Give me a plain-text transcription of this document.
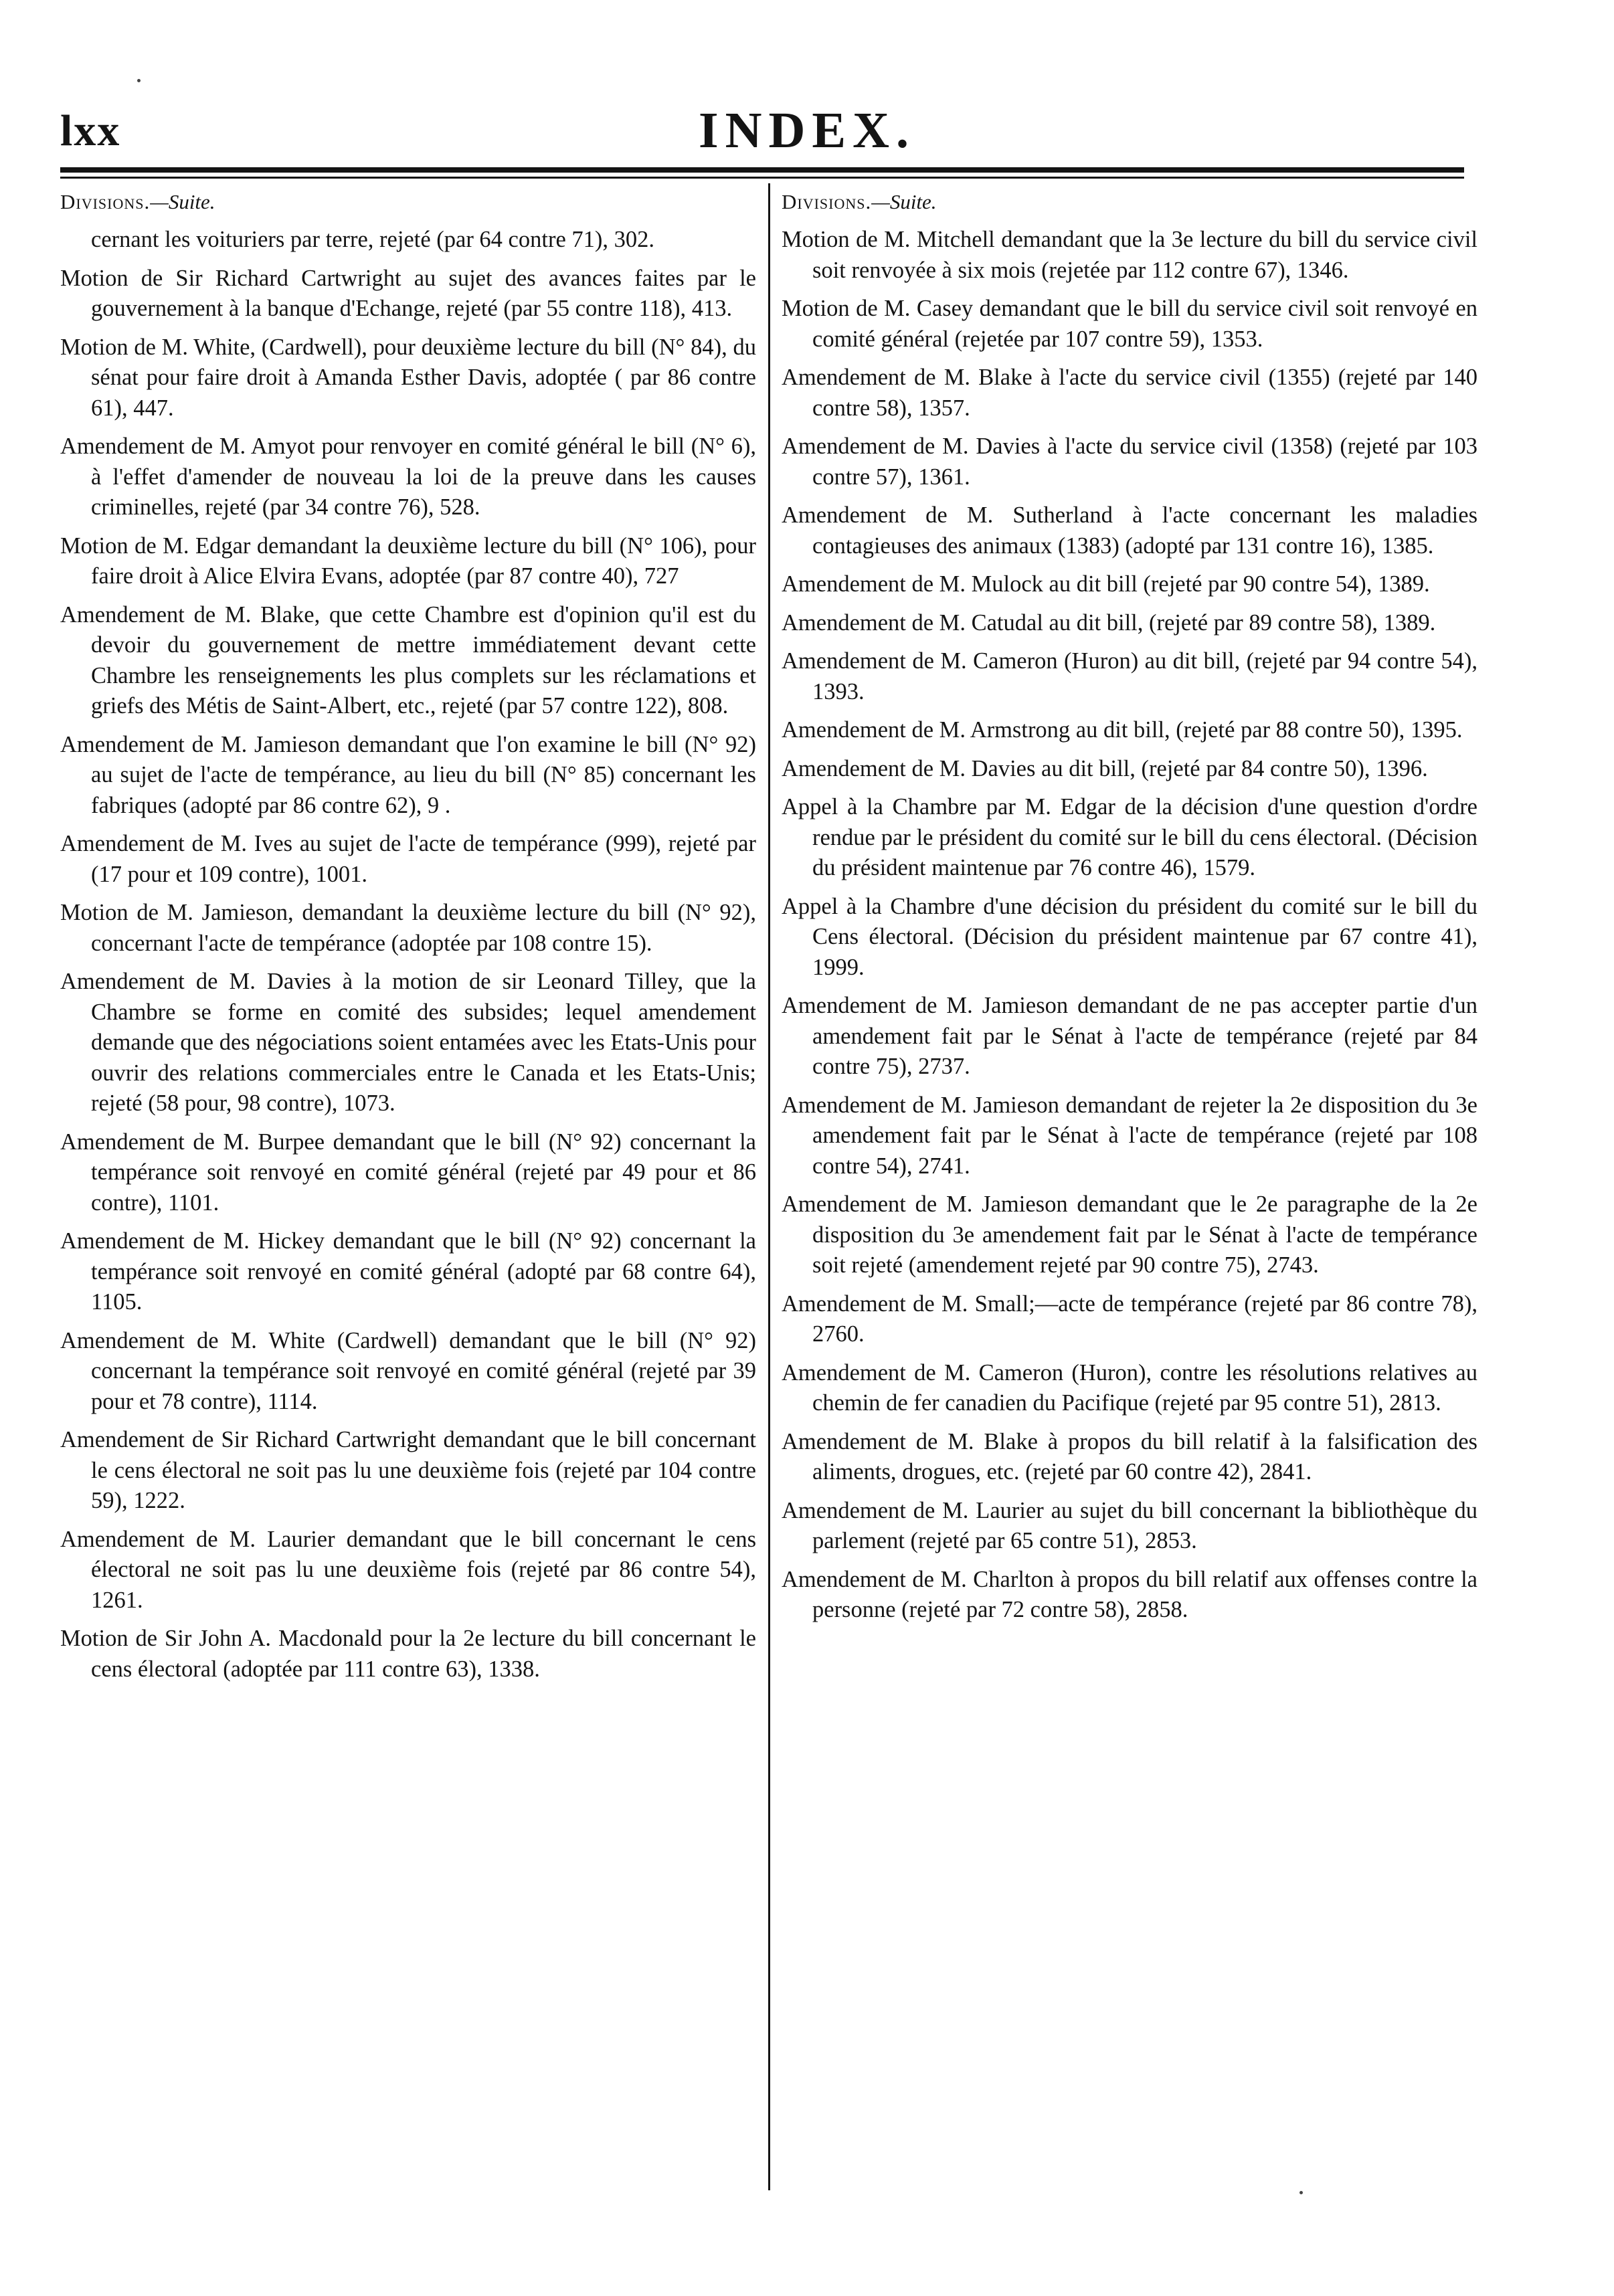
lxx	INDEX.
Divisions.—Suite.

cernant les voituriers par terre, rejeté (par 64 contre 71), 302.

Motion de Sir Richard Cartwright au sujet des avances faites par le gouvernement à la banque d'Echange, rejeté (par 55 contre 118), 413.

Motion de M. White, (Cardwell), pour deuxième lecture du bill (N° 84), du sénat pour faire droit à Amanda Esther Davis, adoptée ( par 86 contre 61), 447.

Amendement de M. Amyot pour renvoyer en comité général le bill (N° 6), à l'effet d'amender de nouveau la loi de la preuve dans les causes criminelles, rejeté (par 34 contre 76), 528.

Motion de M. Edgar demandant la deuxième lecture du bill (N° 106), pour faire droit à Alice Elvira Evans, adoptée (par 87 contre 40), 727

Amendement de M. Blake, que cette Chambre est d'opinion qu'il est du devoir du gouvernement de mettre immédiatement devant cette Chambre les renseignements les plus complets sur les réclamations et griefs des Métis de Saint-Albert, etc., rejeté (par 57 contre 122), 808.

Amendement de M. Jamieson demandant que l'on examine le bill (N° 92) au sujet de l'acte de tempérance, au lieu du bill (N° 85) concernant les fabriques (adopté par 86 contre 62), 9 .

Amendement de M. Ives au sujet de l'acte de tempérance (999), rejeté par (17 pour et 109 contre), 1001.

Motion de M. Jamieson, demandant la deuxième lecture du bill (N° 92), concernant l'acte de tempérance (adoptée par 108 contre 15).

Amendement de M. Davies à la motion de sir Leonard Tilley, que la Chambre se forme en comité des subsides; lequel amendement demande que des négociations soient entamées avec les Etats-Unis pour ouvrir des relations commerciales entre le Canada et les Etats-Unis; rejeté (58 pour, 98 contre), 1073.

Amendement de M. Burpee demandant que le bill (N° 92) concernant la tempérance soit renvoyé en comité général (rejeté par 49 pour et 86 contre), 1101.

Amendement de M. Hickey demandant que le bill (N° 92) concernant la tempérance soit renvoyé en comité général (adopté par 68 contre 64), 1105.

Amendement de M. White (Cardwell) demandant que le bill (N° 92) concernant la tempérance soit renvoyé en comité général (rejeté par 39 pour et 78 contre), 1114.

Amendement de Sir Richard Cartwright demandant que le bill concernant le cens électoral ne soit pas lu une deuxième fois (rejeté par 104 contre 59), 1222.

Amendement de M. Laurier demandant que le bill concernant le cens électoral ne soit pas lu une deuxième fois (rejeté par 86 contre 54), 1261.

Motion de Sir John A. Macdonald pour la 2e lecture du bill concernant le cens électoral (adoptée par 111 contre 63), 1338.

Divisions.—Suite.

Motion de M. Mitchell demandant que la 3e lecture du bill du service civil soit renvoyée à six mois (rejetée par 112 contre 67), 1346.

Motion de M. Casey demandant que le bill du service civil soit renvoyé en comité général (rejetée par 107 contre 59), 1353.

Amendement de M. Blake à l'acte du service civil (1355) (rejeté par 140 contre 58), 1357.

Amendement de M. Davies à l'acte du service civil (1358) (rejeté par 103 contre 57), 1361.

Amendement de M. Sutherland à l'acte concernant les maladies contagieuses des animaux (1383) (adopté par 131 contre 16), 1385.

Amendement de M. Mulock au dit bill (rejeté par 90 contre 54), 1389.

Amendement de M. Catudal au dit bill, (rejeté par 89 contre 58), 1389.

Amendement de M. Cameron (Huron) au dit bill, (rejeté par 94 contre 54), 1393.

Amendement de M. Armstrong au dit bill, (rejeté par 88 contre 50), 1395.

Amendement de M. Davies au dit bill, (rejeté par 84 contre 50), 1396.

Appel à la Chambre par M. Edgar de la décision d'une question d'ordre rendue par le président du comité sur le bill du cens électoral. (Décision du président maintenue par 76 contre 46), 1579.

Appel à la Chambre d'une décision du président du comité sur le bill du Cens électoral. (Décision du président maintenue par 67 contre 41), 1999.

Amendement de M. Jamieson demandant de ne pas accepter partie d'un amendement fait par le Sénat à l'acte de tempérance (rejeté par 84 contre 75), 2737.

Amendement de M. Jamieson demandant de rejeter la 2e disposition du 3e amendement fait par le Sénat à l'acte de tempérance (rejeté par 108 contre 54), 2741.

Amendement de M. Jamieson demandant que le 2e paragraphe de la 2e disposition du 3e amendement fait par le Sénat à l'acte de tempérance soit rejeté (amendement rejeté par 90 contre 75), 2743.

Amendement de M. Small;—acte de tempérance (rejeté par 86 contre 78), 2760.

Amendement de M. Cameron (Huron), contre les résolutions relatives au chemin de fer canadien du Pacifique (rejeté par 95 contre 51), 2813.

Amendement de M. Blake à propos du bill relatif à la falsification des aliments, drogues, etc. (rejeté par 60 contre 42), 2841.

Amendement de M. Laurier au sujet du bill concernant la bibliothèque du parlement (rejeté par 65 contre 51), 2853.

Amendement de M. Charlton à propos du bill relatif aux offenses contre la personne (rejeté par 72 contre 58), 2858.
